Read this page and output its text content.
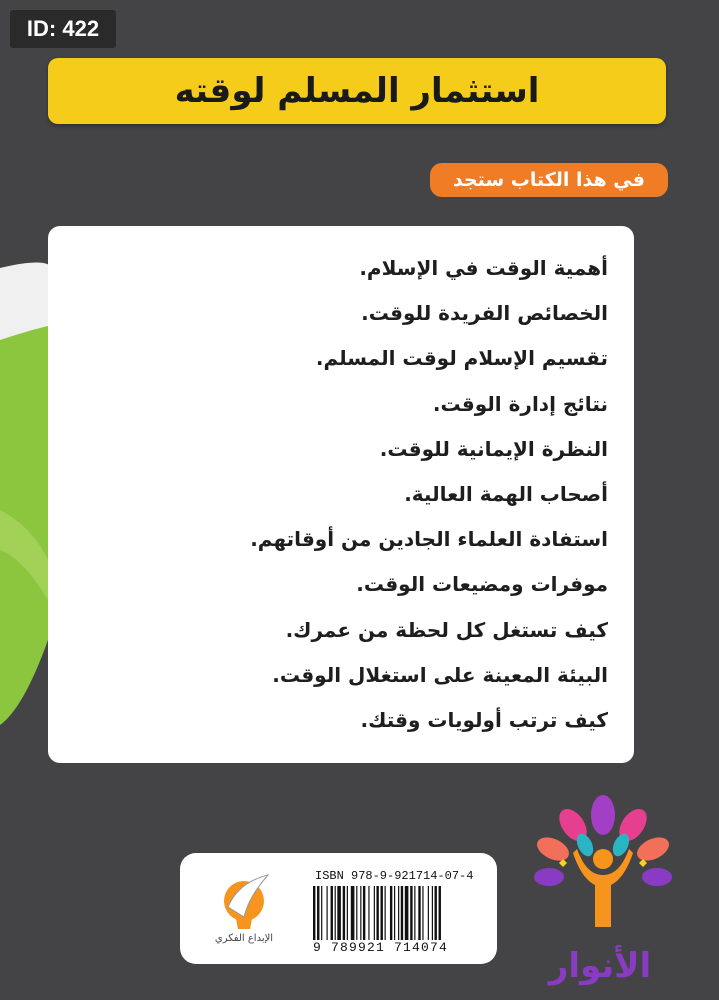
ID: 422
استثمار المسلم لوقته
في هذا الكتاب ستجد
أهمية الوقت في الإسلام.
الخصائص الفريدة للوقت.
تقسيم الإسلام لوقت المسلم.
نتائج إدارة الوقت.
النظرة الإيمانية للوقت.
أصحاب الهمة العالية.
استفادة العلماء الجادين من أوقاتهم.
موفرات ومضيعات الوقت.
كيف تستغل كل لحظة من عمرك.
البيئة المعينة على استغلال الوقت.
كيف ترتب أولويات وقتك.
الإبداع الفكري
ISBN 978-9-921714-07-4
9 789921 714074	الأنوار
